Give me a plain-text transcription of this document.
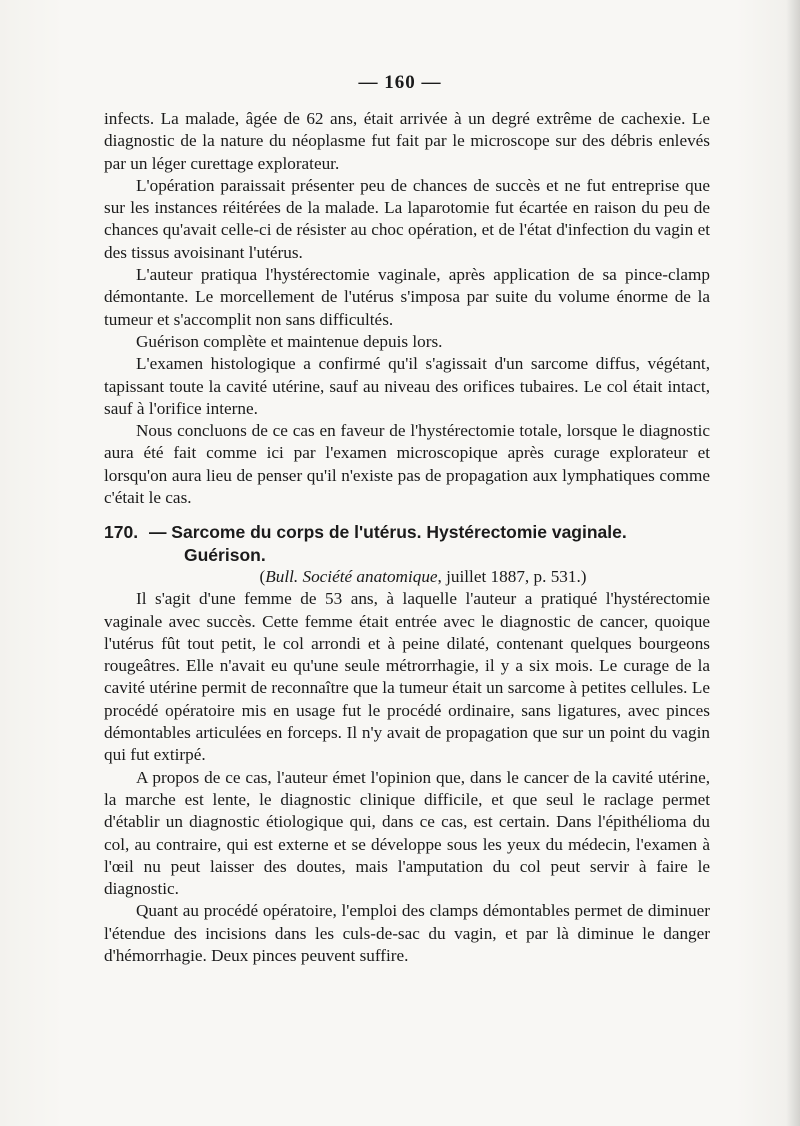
— 160 —

infects. La malade, âgée de 62 ans, était arrivée à un degré extrême de cachexie. Le diagnostic de la nature du néoplasme fut fait par le microscope sur des débris enlevés par un léger curettage explorateur.

L'opération paraissait présenter peu de chances de succès et ne fut entreprise que sur les instances réitérées de la malade. La laparotomie fut écartée en raison du peu de chances qu'avait celle-ci de résister au choc opération, et de l'état d'infection du vagin et des tissus avoisinant l'utérus.

L'auteur pratiqua l'hystérectomie vaginale, après application de sa pince-clamp démontante. Le morcellement de l'utérus s'imposa par suite du volume énorme de la tumeur et s'accomplit non sans difficultés.

Guérison complète et maintenue depuis lors.

L'examen histologique a confirmé qu'il s'agissait d'un sarcome diffus, végétant, tapissant toute la cavité utérine, sauf au niveau des orifices tubaires. Le col était intact, sauf à l'orifice interne.

Nous concluons de ce cas en faveur de l'hystérectomie totale, lorsque le diagnostic aura été fait comme ici par l'examen microscopique après curage explorateur et lorsqu'on aura lieu de penser qu'il n'existe pas de propagation aux lymphatiques comme c'était le cas.

170. — Sarcome du corps de l'utérus. Hystérectomie vaginale.
Guérison.

(Bull. Société anatomique, juillet 1887, p. 531.)

Il s'agit d'une femme de 53 ans, à laquelle l'auteur a pratiqué l'hystérectomie vaginale avec succès. Cette femme était entrée avec le diagnostic de cancer, quoique l'utérus fût tout petit, le col arrondi et à peine dilaté, contenant quelques bourgeons rougeâtres. Elle n'avait eu qu'une seule métrorrhagie, il y a six mois. Le curage de la cavité utérine permit de reconnaître que la tumeur était un sarcome à petites cellules. Le procédé opératoire mis en usage fut le procédé ordinaire, sans ligatures, avec pinces démontables articulées en forceps. Il n'y avait de propagation que sur un point du vagin qui fut extirpé.

A propos de ce cas, l'auteur émet l'opinion que, dans le cancer de la cavité utérine, la marche est lente, le diagnostic clinique difficile, et que seul le raclage permet d'établir un diagnostic étiologique qui, dans ce cas, est certain. Dans l'épithélioma du col, au contraire, qui est externe et se développe sous les yeux du médecin, l'examen à l'œil nu peut laisser des doutes, mais l'amputation du col peut servir à faire le diagnostic.

Quant au procédé opératoire, l'emploi des clamps démontables permet de diminuer l'étendue des incisions dans les culs-de-sac du vagin, et par là diminue le danger d'hémorrhagie. Deux pinces peuvent suffire.
